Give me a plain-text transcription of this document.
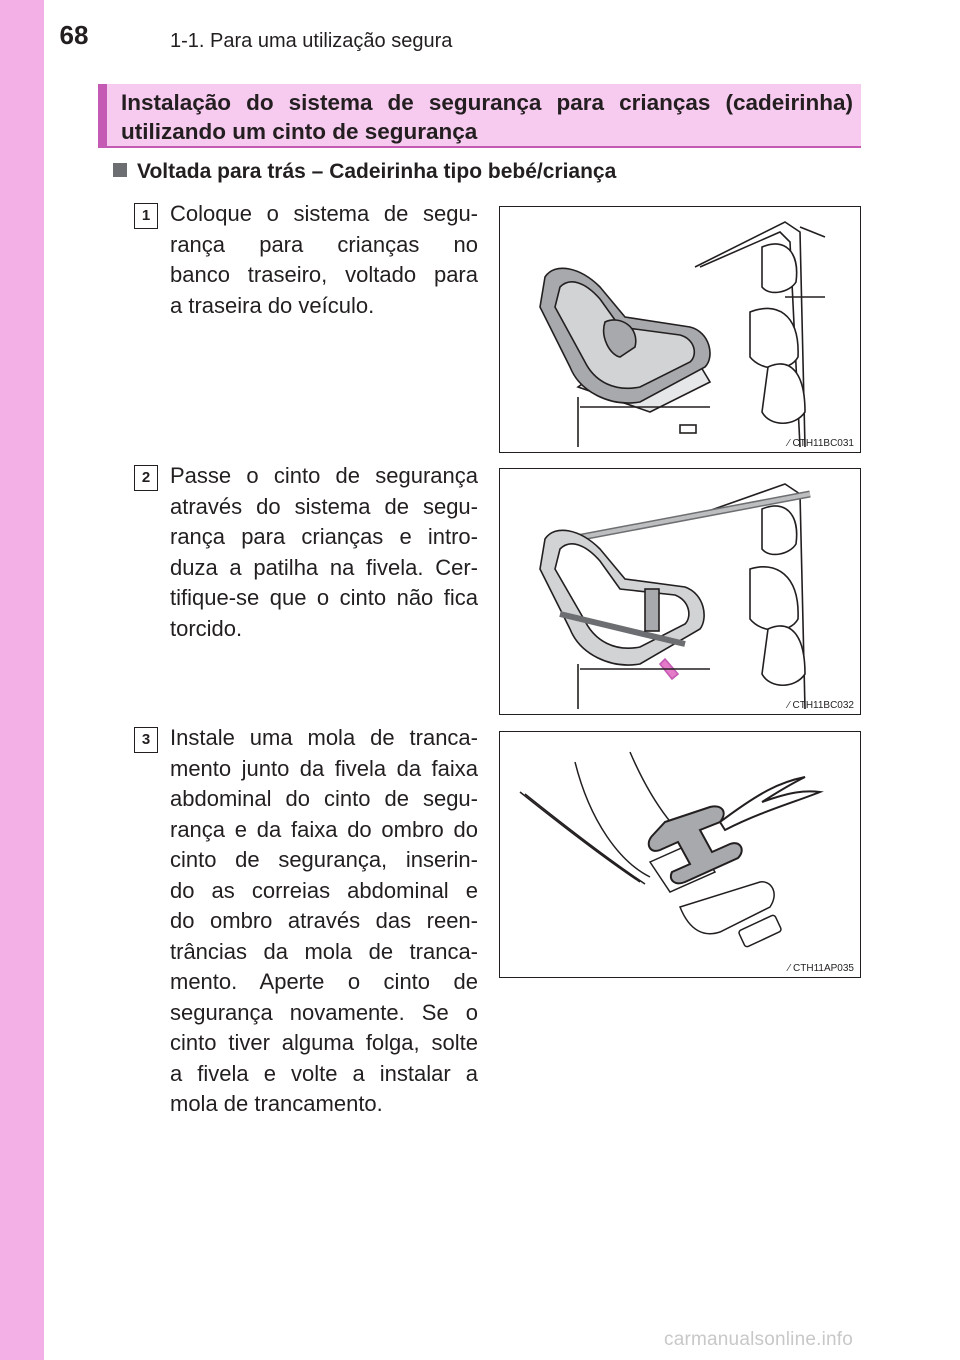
68	1-1. Para uma utilização segura

Instalação do sistema de segurança para crianças (cadeirinha)
utilizando um cinto de segurança

Voltada para trás – Cadeirinha tipo bebé/criança
1 Coloque o sistema de segu-
rança para crianças no
banco traseiro, voltado para
a traseira do veículo.
⁄ CTH11BC031
2 Passe o cinto de segurança
através do sistema de segu-
rança para crianças e intro-
duza a patilha na fivela. Cer-
tifique-se que o cinto não fica
torcido.
⁄ CTH11BC032
3 Instale uma mola de tranca-
mento junto da fivela da faixa
abdominal do cinto de segu-
rança e da faixa do ombro do
cinto de segurança, inserin-
do as correias abdominal e
do ombro através das reen-
trâncias da mola de tranca-
mento. Aperte o cinto de
segurança novamente. Se o
cinto tiver alguma folga, solte
a fivela e volte a instalar a
mola de trancamento.
⁄ CTH11AP035
carmanualsonline.info
